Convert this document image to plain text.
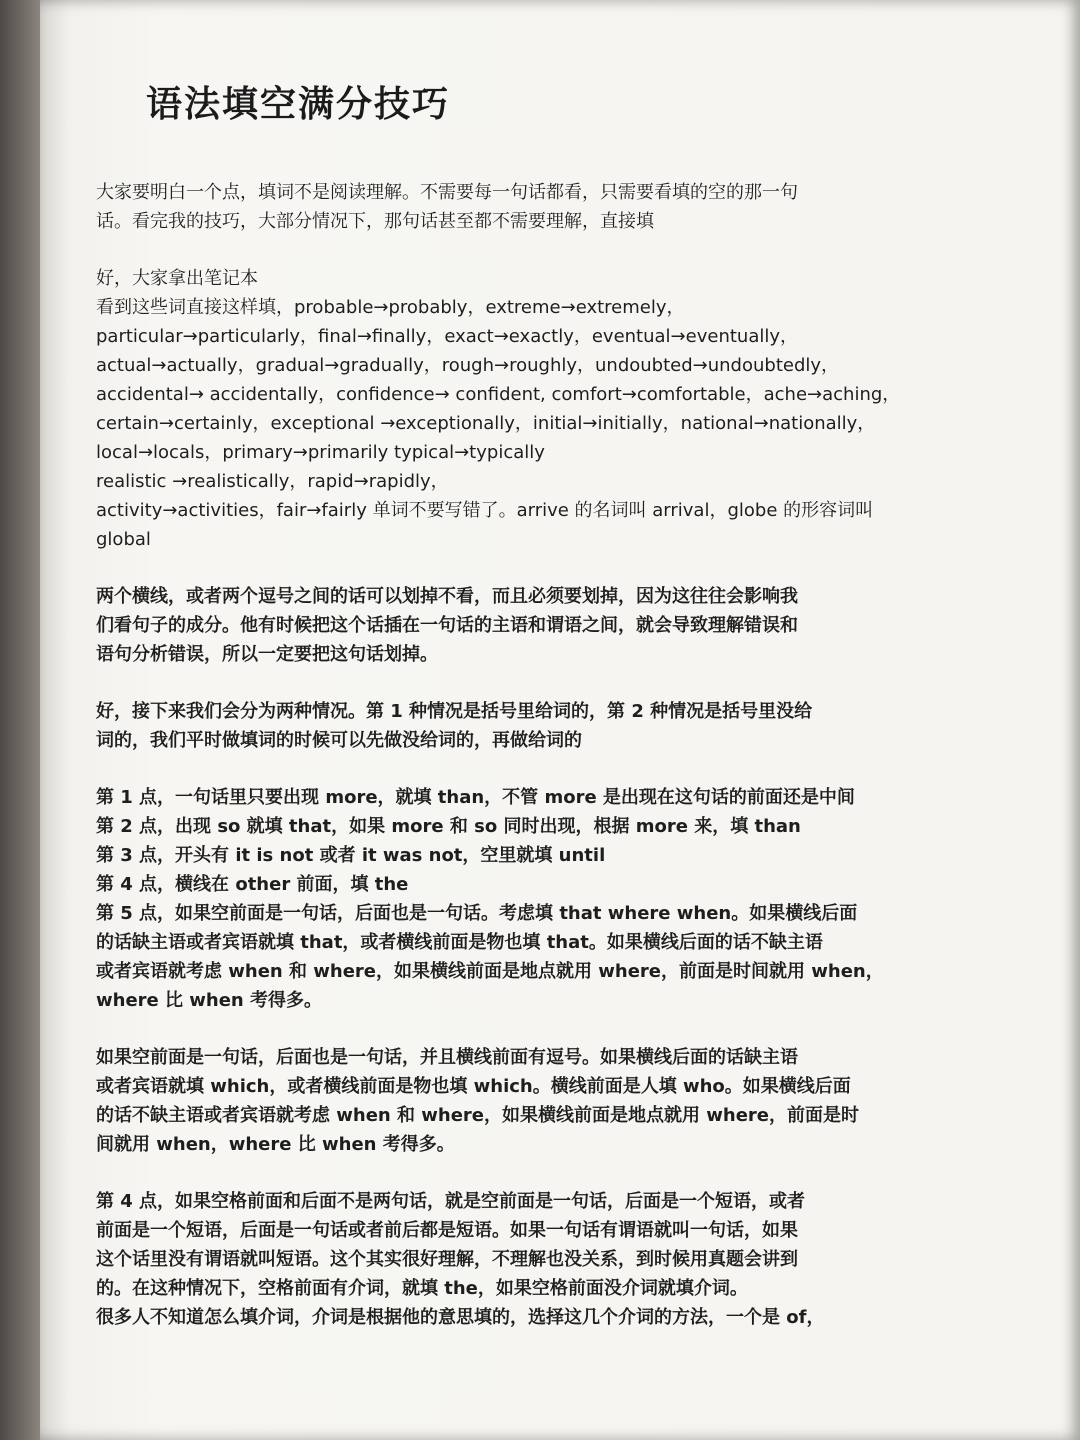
语法填空满分技巧
大家要明白一个点，填词不是阅读理解。不需要每一句话都看，只需要看填的空的那一句
话。看完我的技巧，大部分情况下，那句话甚至都不需要理解，直接填
好，大家拿出笔记本
看到这些词直接这样填，probable→probably，extreme→extremely，
particular→particularly，final→finally，exact→exactly，eventual→eventually，
actual→actually，gradual→gradually，rough→roughly，undoubted→undoubtedly，
accidental→ accidentally，confidence→ confident, comfort→comfortable，ache→aching，
certain→certainly，exceptional →exceptionally，initial→initially，national→nationally，
local→locals，primary→primarily typical→typically
realistic →realistically，rapid→rapidly，
activity→activities，fair→fairly 单词不要写错了。arrive 的名词叫 arrival，globe 的形容词叫
global
两个横线，或者两个逗号之间的话可以划掉不看，而且必须要划掉，因为这往往会影响我
们看句子的成分。他有时候把这个话插在一句话的主语和谓语之间，就会导致理解错误和
语句分析错误，所以一定要把这句话划掉。
好，接下来我们会分为两种情况。第 1 种情况是括号里给词的，第 2 种情况是括号里没给
词的，我们平时做填词的时候可以先做没给词的，再做给词的
第 1 点，一句话里只要出现 more，就填 than，不管 more 是出现在这句话的前面还是中间
第 2 点，出现 so 就填 that，如果 more 和 so 同时出现，根据 more 来，填 than
第 3 点，开头有 it is not 或者 it was not，空里就填 until
第 4 点，横线在 other 前面，填 the
第 5 点，如果空前面是一句话，后面也是一句话。考虑填 that where when。如果横线后面
的话缺主语或者宾语就填 that，或者横线前面是物也填 that。如果横线后面的话不缺主语
或者宾语就考虑 when 和 where，如果横线前面是地点就用 where，前面是时间就用 when，
where 比 when 考得多。
如果空前面是一句话，后面也是一句话，并且横线前面有逗号。如果横线后面的话缺主语
或者宾语就填 which，或者横线前面是物也填 which。横线前面是人填 who。如果横线后面
的话不缺主语或者宾语就考虑 when 和 where，如果横线前面是地点就用 where，前面是时
间就用 when，where 比 when 考得多。
第 4 点，如果空格前面和后面不是两句话，就是空前面是一句话，后面是一个短语，或者
前面是一个短语，后面是一句话或者前后都是短语。如果一句话有谓语就叫一句话，如果
这个话里没有谓语就叫短语。这个其实很好理解，不理解也没关系，到时候用真题会讲到
的。在这种情况下，空格前面有介词，就填 the，如果空格前面没介词就填介词。
很多人不知道怎么填介词，介词是根据他的意思填的，选择这几个介词的方法，一个是 of，
